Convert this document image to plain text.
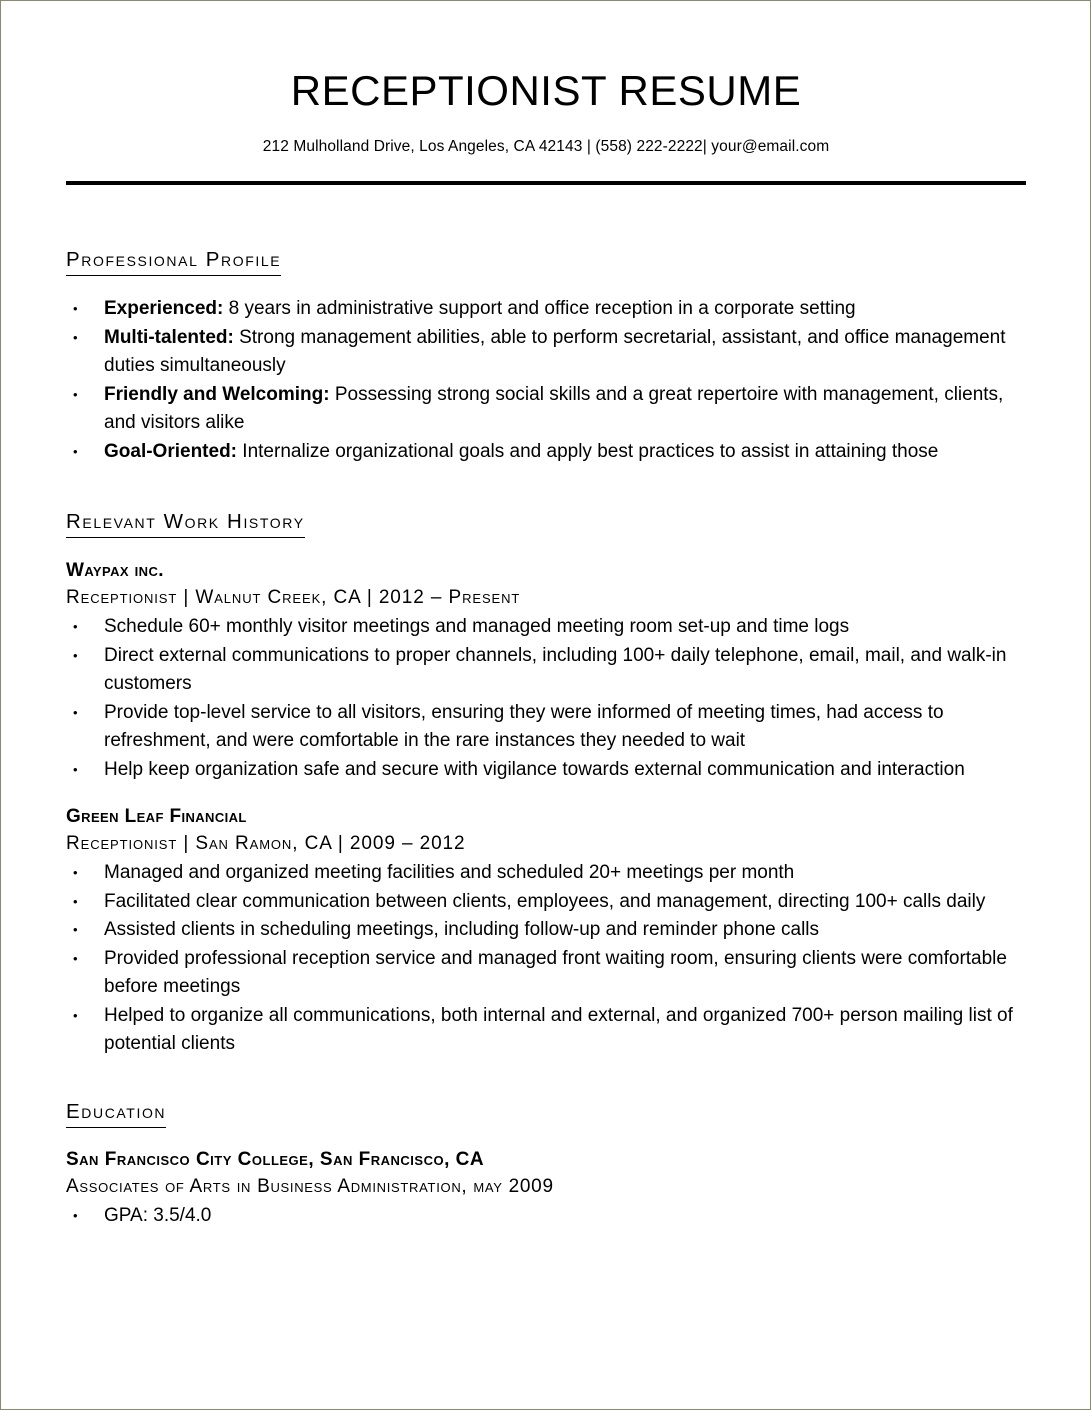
RECEPTIONIST RESUME
212 Mulholland Drive, Los Angeles, CA 42143 | (558) 222-2222| your@email.com
Professional Profile
• Experienced: 8 years in administrative support and office reception in a corporate setting
• Multi-talented: Strong management abilities, able to perform secretarial, assistant, and office management duties simultaneously
• Friendly and Welcoming: Possessing strong social skills and a great repertoire with management, clients, and visitors alike
• Goal-Oriented: Internalize organizational goals and apply best practices to assist in attaining those
Relevant Work History
Waypax inc.
Receptionist | Walnut Creek, CA | 2012 – Present
• Schedule 60+ monthly visitor meetings and managed meeting room set-up and time logs
• Direct external communications to proper channels, including 100+ daily telephone, email, mail, and walk-in customers
• Provide top-level service to all visitors, ensuring they were informed of meeting times, had access to refreshment, and were comfortable in the rare instances they needed to wait
• Help keep organization safe and secure with vigilance towards external communication and interaction
Green Leaf Financial
Receptionist | San Ramon, CA | 2009 – 2012
• Managed and organized meeting facilities and scheduled 20+ meetings per month
• Facilitated clear communication between clients, employees, and management, directing 100+ calls daily
• Assisted clients in scheduling meetings, including follow-up and reminder phone calls
• Provided professional reception service and managed front waiting room, ensuring clients were comfortable before meetings
• Helped to organize all communications, both internal and external, and organized 700+ person mailing list of potential clients
Education
San Francisco City College, San Francisco, CA
Associates of Arts in Business Administration, may 2009
• GPA: 3.5/4.0
